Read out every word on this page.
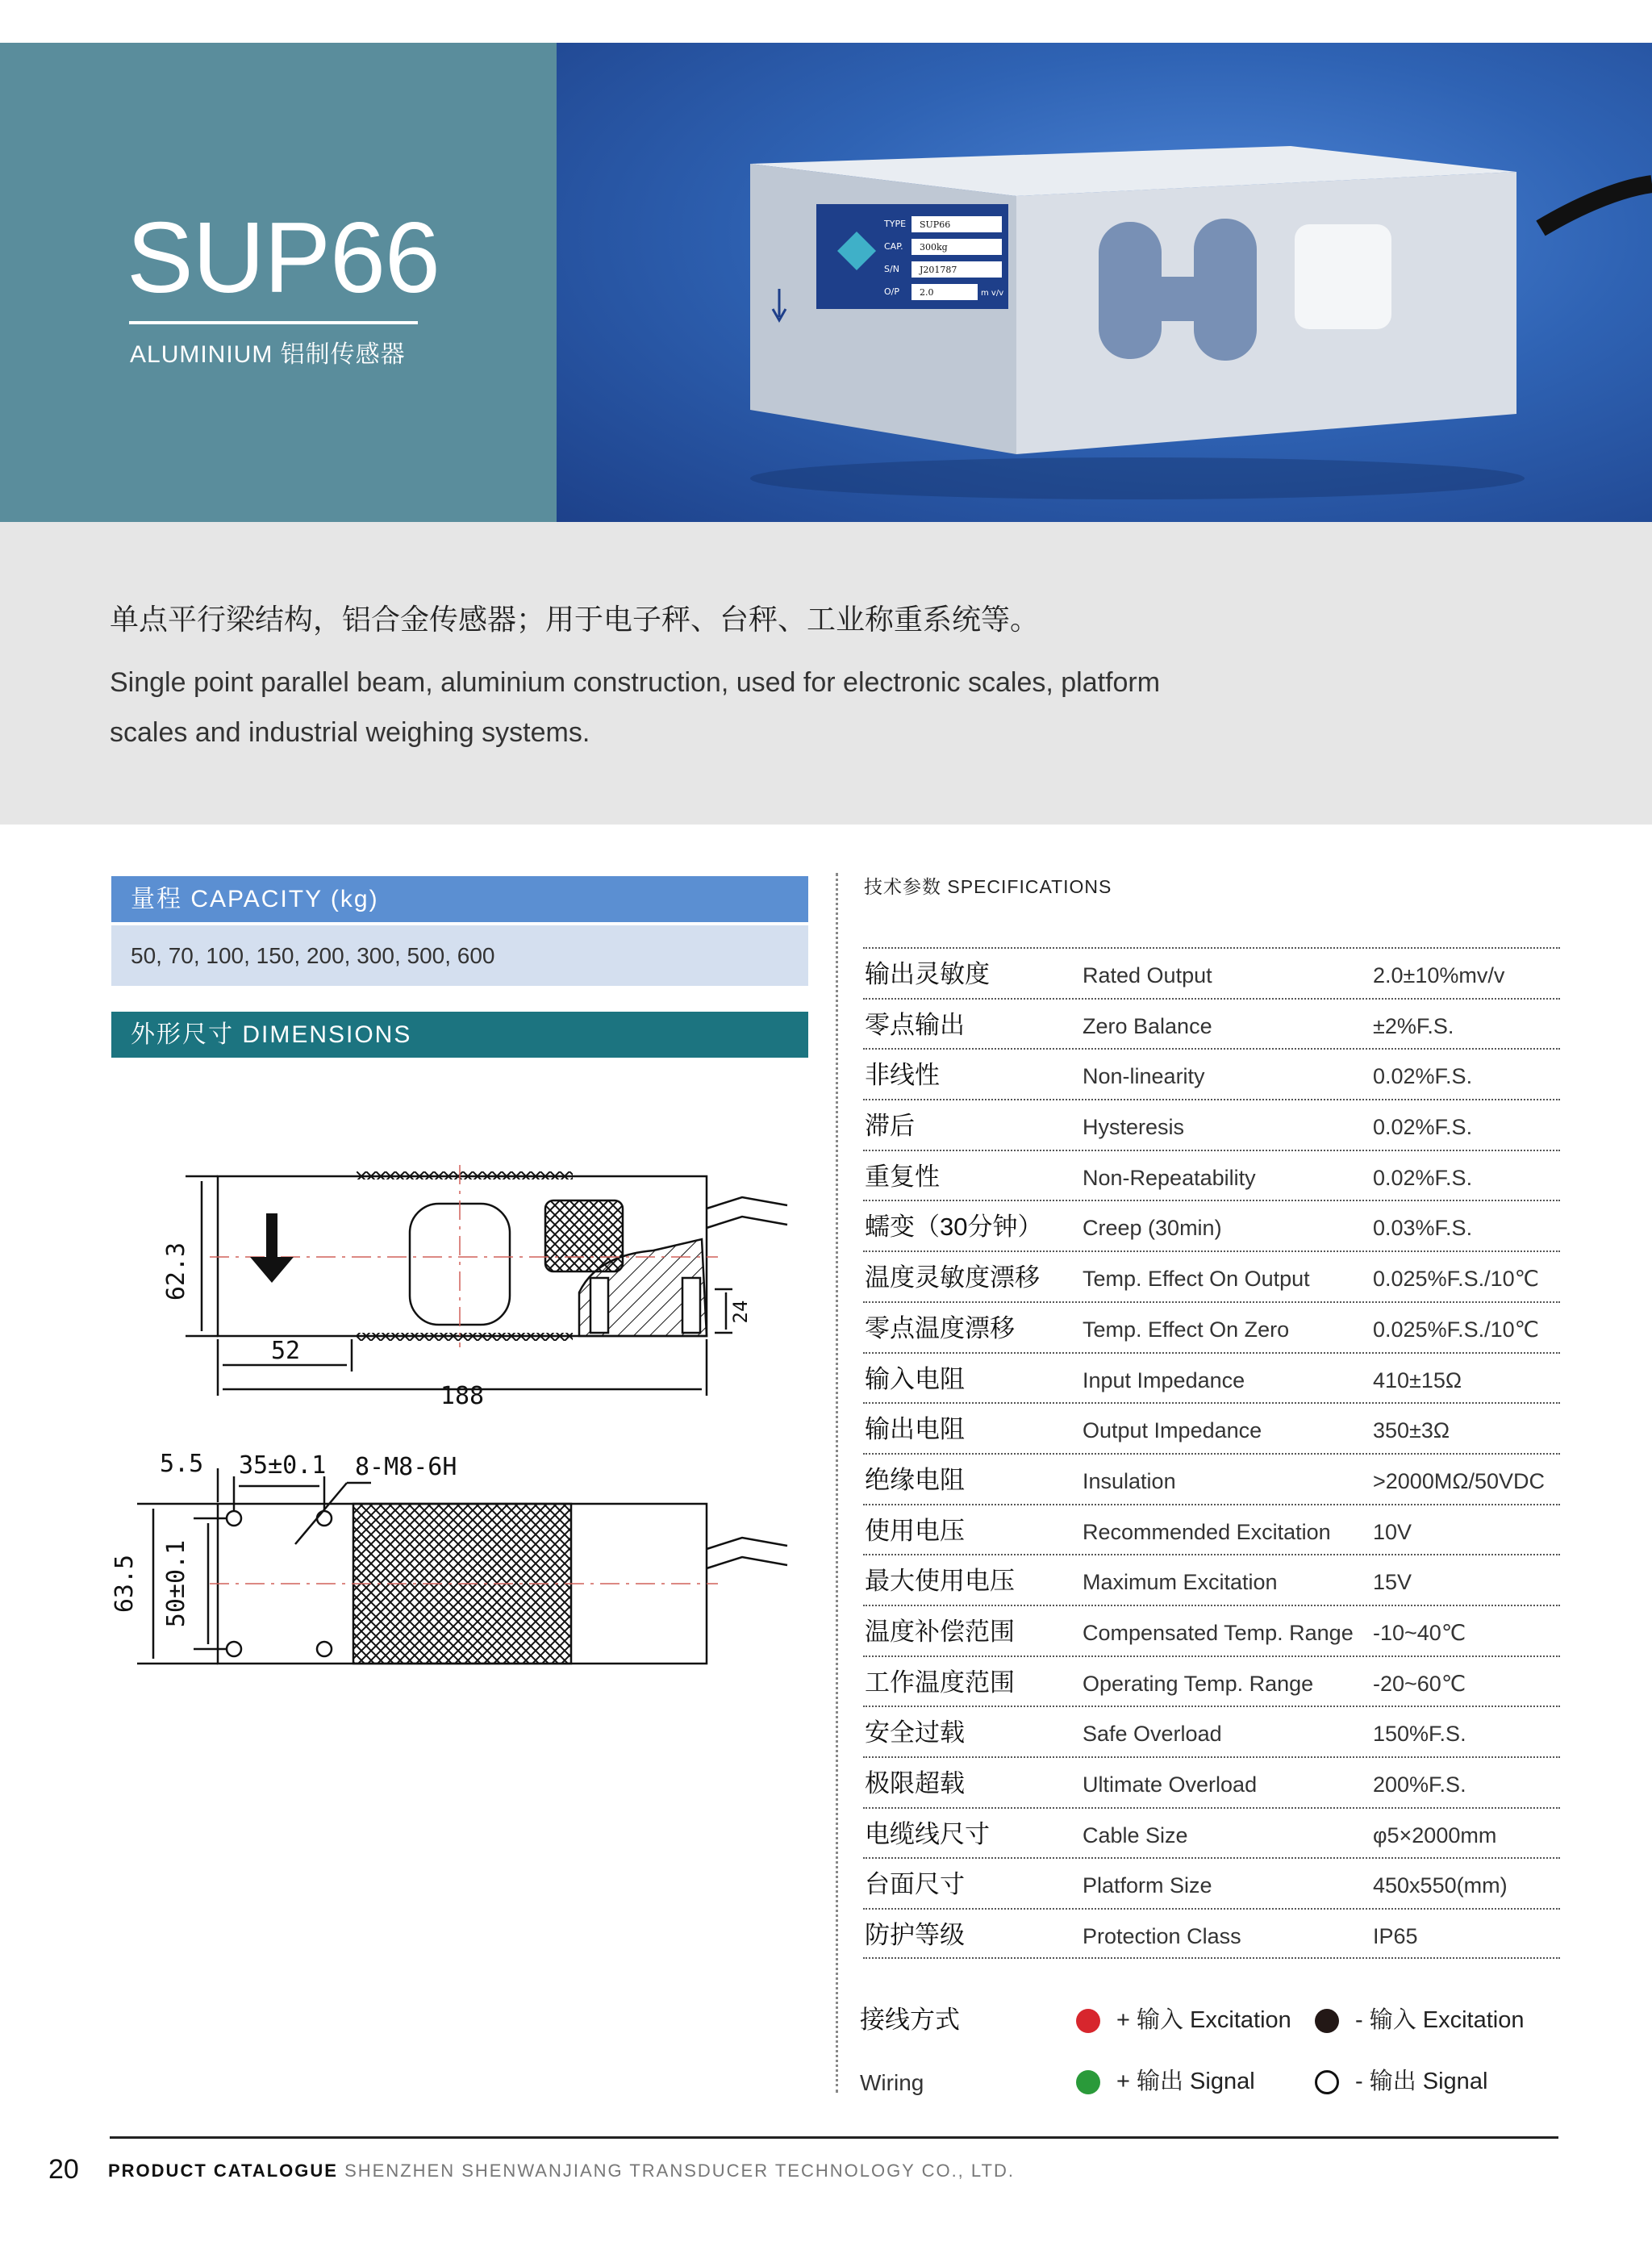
SUP66
ALUMINIUM 铝制传感器
TYPE
CAP.
S/N
O/P
SUP66
300kg
J201787
2.0	m v/v
单点平行梁结构，铝合金传感器；用于电子秤、台秤、工业称重系统等。
Single point parallel beam, aluminium construction, used for electronic scales, platform scales and industrial weighing systems.
量程 CAPACITY (kg)
50, 70, 100, 150, 200, 300, 500, 600
外形尺寸 DIMENSIONS
62.3
52
188
24
5.5 35±0.1 8-M8-6H
63.5 50±0.1
技术参数 SPECIFICATIONS
输出灵敏度	Rated Output	2.0±10%mv/v
零点输出	Zero Balance	±2%F.S.
非线性	Non-linearity	0.02%F.S.
滞后	Hysteresis	0.02%F.S.
重复性	Non-Repeatability	0.02%F.S.
蠕变（30分钟） Creep (30min)	0.03%F.S.
温度灵敏度漂移 Temp. Effect On Output	0.025%F.S./10℃
零点温度漂移	Temp. Effect On Zero	0.025%F.S./10℃
输入电阻	Input Impedance	410±15Ω
输出电阻	Output Impedance	350±3Ω
绝缘电阻	Insulation	>2000MΩ/50VDC
使用电压	Recommended Excitation 10V
最大使用电压	Maximum Excitation	15V
温度补偿范围	Compensated Temp. Range -10~40℃
工作温度范围	Operating Temp. Range	-20~60℃
安全过载	Safe Overload	150%F.S.
极限超载	Ultimate Overload	200%F.S.
电缆线尺寸	Cable Size	φ5×2000mm
台面尺寸	Platform Size	450x550(mm)
防护等级	Protection Class	IP65
接线方式
Wiring
+ 输入 Excitation	- 输入 Excitation
+ 输出 Signal	- 输出 Signal
20 PRODUCT CATALOGUE SHENZHEN SHENWANJIANG TRANSDUCER TECHNOLOGY CO., LTD.
